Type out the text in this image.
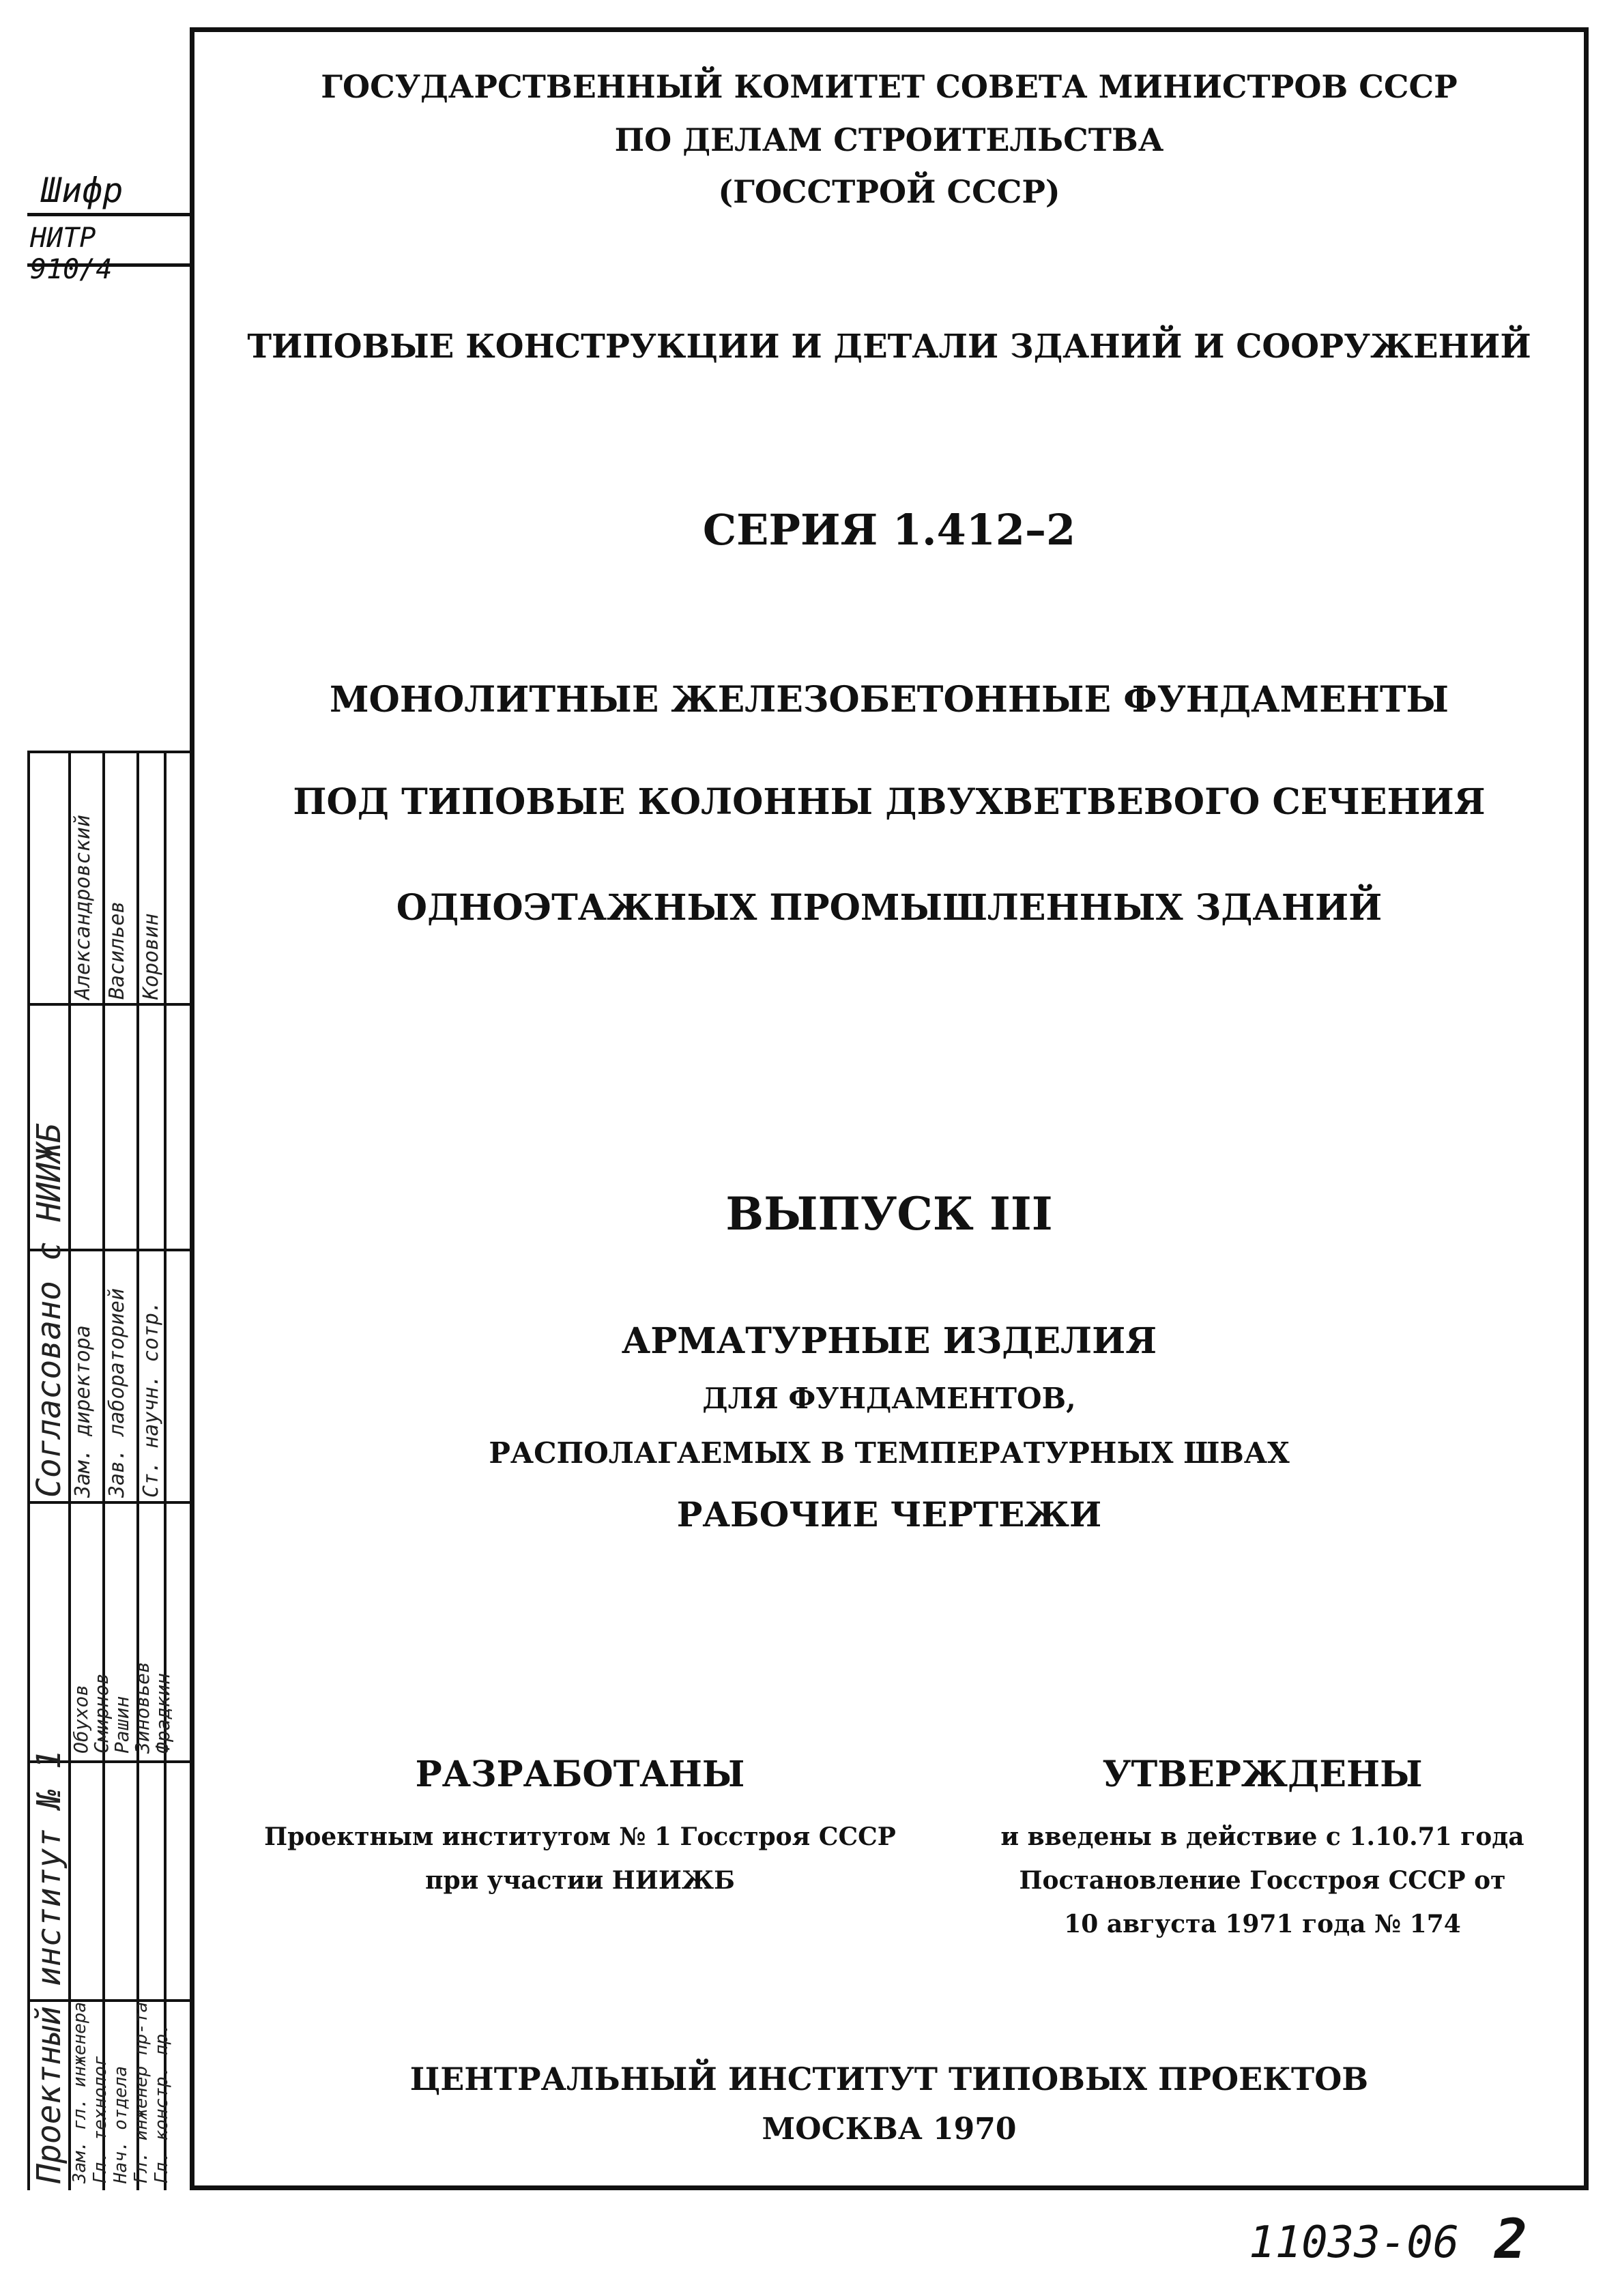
Шифр
НИТР 910/4
Согласовано с НИИЖБ
Проектный институт № 1
Зам. директора Зав. лабораторией Ст. научн. сотр.
Александровский Васильев Коровин
Зам. гл. инженера Гл. технолог Нач. отдела Гл. инженер пр-та Гл. констр. пр.
Обухов
Смирнов
Рашин
Зиновьев
Фрадкин
ГОСУДАРСТВЕННЫЙ КОМИТЕТ СОВЕТА МИНИСТРОВ СССР
ПО ДЕЛАМ СТРОИТЕЛЬСТВА
(ГОССТРОЙ СССР)
ТИПОВЫЕ КОНСТРУКЦИИ И ДЕТАЛИ ЗДАНИЙ И СООРУЖЕНИЙ
СЕРИЯ 1.412–2
МОНОЛИТНЫЕ ЖЕЛЕЗОБЕТОННЫЕ ФУНДАМЕНТЫ
ПОД ТИПОВЫЕ КОЛОННЫ ДВУХВЕТВЕВОГО СЕЧЕНИЯ
ОДНОЭТАЖНЫХ ПРОМЫШЛЕННЫХ ЗДАНИЙ
ВЫПУСК III
АРМАТУРНЫЕ ИЗДЕЛИЯ
ДЛЯ ФУНДАМЕНТОВ,
РАСПОЛАГАЕМЫХ В ТЕМПЕРАТУРНЫХ ШВАХ
РАБОЧИЕ ЧЕРТЕЖИ
РАЗРАБОТАНЫ
Проектным институтом № 1 Госстроя СССР
при участии НИИЖБ
УТВЕРЖДЕНЫ
и введены в действие с 1.10.71 года
Постановление Госстроя СССР от
10 августа 1971 года № 174
ЦЕНТРАЛЬНЫЙ ИНСТИТУТ ТИПОВЫХ ПРОЕКТОВ
МОСКВА 1970
11033-06 2
